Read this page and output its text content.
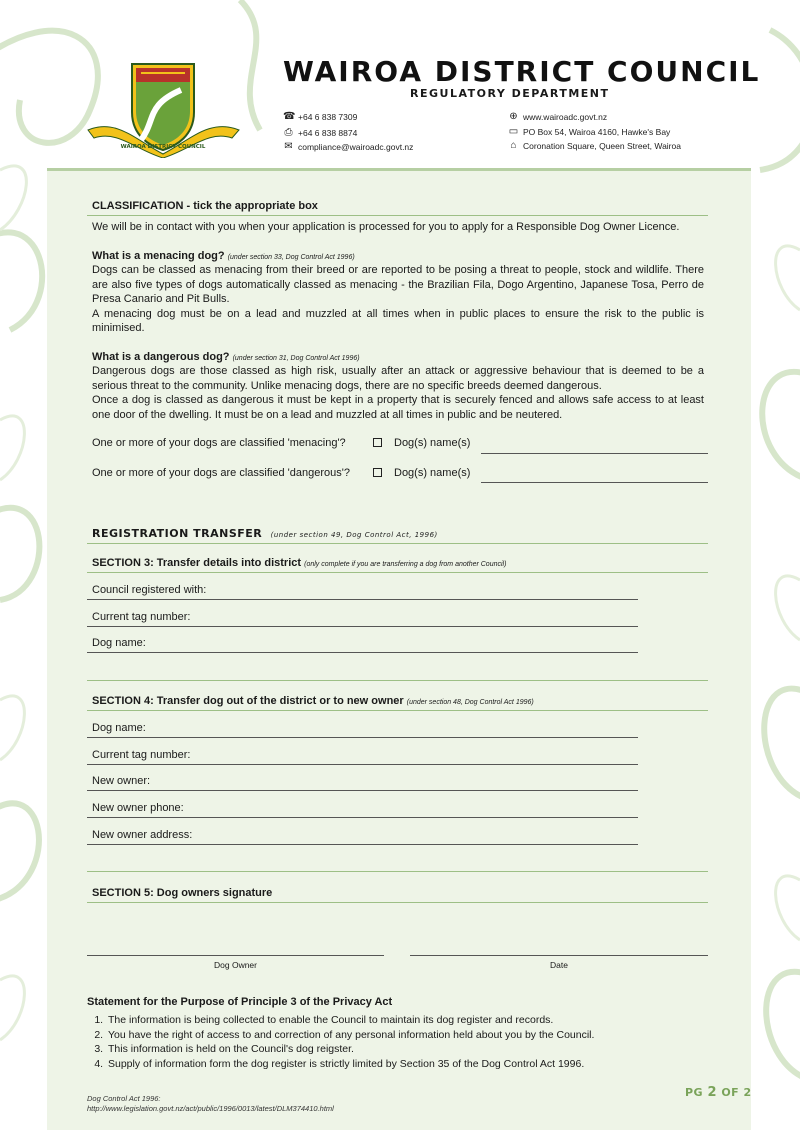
WAIROA DISTRICT COUNCIL
WAIROA DISTRICT COUNCIL
REGULATORY DEPARTMENT
☎ +64 6 838 7309
⎙ +64 6 838 8874
✉ compliance@wairoadc.govt.nz
⊕ www.wairoadc.govt.nz
▭ PO Box 54, Wairoa 4160, Hawke's Bay
⌂ Coronation Square, Queen Street, Wairoa
CLASSIFICATION - tick the appropriate box
We will be in contact with you when your application is processed for you to apply for a Responsible Dog Owner Licence.
What is a menacing dog? (under section 33, Dog Control Act 1996)
Dogs can be classed as menacing from their breed or are reported to be posing a threat to people, stock and wildlife. There are also five types of dogs automatically classed as menacing - the Brazilian Fila, Dogo Argentino, Japanese Tosa, Perro de Presa Canario and Pit Bulls.
A menacing dog must be on a lead and muzzled at all times when in public places to ensure the risk to the public is minimised.
What is a dangerous dog? (under section 31, Dog Control Act 1996)
Dangerous dogs are those classed as high risk, usually after an attack or aggressive behaviour that is deemed to be a serious threat to the community. Unlike menacing dogs, there are no specific breeds deemed dangerous.
Once a dog is classed as dangerous it must be kept in a property that is securely fenced and allows safe access to at least one door of the dwelling. It must be on a lead and muzzled at all times in public and be neutered.
One or more of your dogs are classified 'menacing'?	Dog(s) name(s)
One or more of your dogs are classified 'dangerous'?	Dog(s) name(s)
REGISTRATION TRANSFER (under section 49, Dog Control Act, 1996)
SECTION 3: Transfer details into district (only complete if you are transferring a dog from another Council)
Council registered with:
Current tag number:
Dog name:
SECTION 4: Transfer dog out of the district or to new owner (under section 48, Dog Control Act 1996)
Dog name:
Current tag number:
New owner:
New owner phone:
New owner address:
SECTION 5: Dog owners signature
Dog Owner	Date
Statement for the Purpose of Principle 3 of the Privacy Act
1. The information is being collected to enable the Council to maintain its dog register and records.
2. You have the right of access to and correction of any personal information held about you by the Council.
3. This information is held on the Council's dog reigster.
4. Supply of information form the dog register is strictly limited by Section 35 of the Dog Control Act 1996.
Dog Control Act 1996:
http://www.legislation.govt.nz/act/public/1996/0013/latest/DLM374410.html
PG 2 OF 2
